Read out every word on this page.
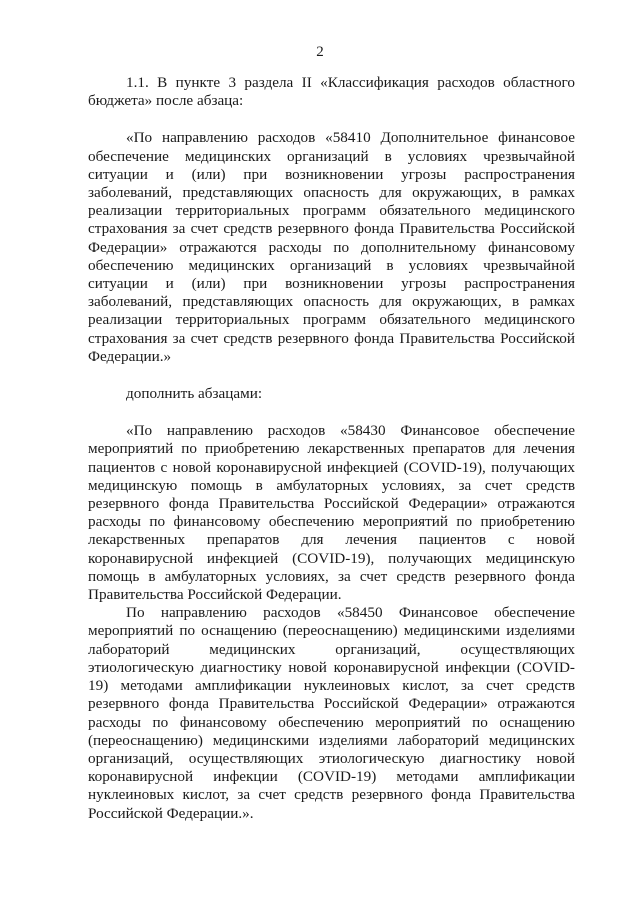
2

1.1. В пункте 3 раздела II «Классификация расходов областного бюджета» после абзаца:

«По направлению расходов «58410 Дополнительное финансовое обеспечение медицинских организаций в условиях чрезвычайной ситуации и (или) при возникновении угрозы распространения заболеваний, представляющих опасность для окружающих, в рамках реализации территориальных программ обязательного медицинского страхования за счет средств резервного фонда Правительства Российской Федерации» отражаются расходы по дополнительному финансовому обеспечению медицинских организаций в условиях чрезвычайной ситуации и (или) при возникновении угрозы распространения заболеваний, представляющих опасность для окружающих, в рамках реализации территориальных программ обязательного медицинского страхования за счет средств резервного фонда Правительства Российской Федерации.»

дополнить абзацами:

«По направлению расходов «58430 Финансовое обеспечение мероприятий по приобретению лекарственных препаратов для лечения пациентов с новой коронавирусной инфекцией (COVID-19), получающих медицинскую помощь в амбулаторных условиях, за счет средств резервного фонда Правительства Российской Федерации» отражаются расходы по финансовому обеспечению мероприятий по приобретению лекарственных препаратов для лечения пациентов с новой коронавирусной инфекцией (COVID-19), получающих медицинскую помощь в амбулаторных условиях, за счет средств резервного фонда Правительства Российской Федерации.

По направлению расходов «58450 Финансовое обеспечение мероприятий по оснащению (переоснащению) медицинскими изделиями лабораторий медицинских организаций, осуществляющих этиологическую диагностику новой коронавирусной инфекции (COVID-19) методами амплификации нуклеиновых кислот, за счет средств резервного фонда Правительства Российской Федерации» отражаются расходы по финансовому обеспечению мероприятий по оснащению (переоснащению) медицинскими изделиями лабораторий медицинских организаций, осуществляющих этиологическую диагностику новой коронавирусной инфекции (COVID-19) методами амплификации нуклеиновых кислот, за счет средств резервного фонда Правительства Российской Федерации.».
